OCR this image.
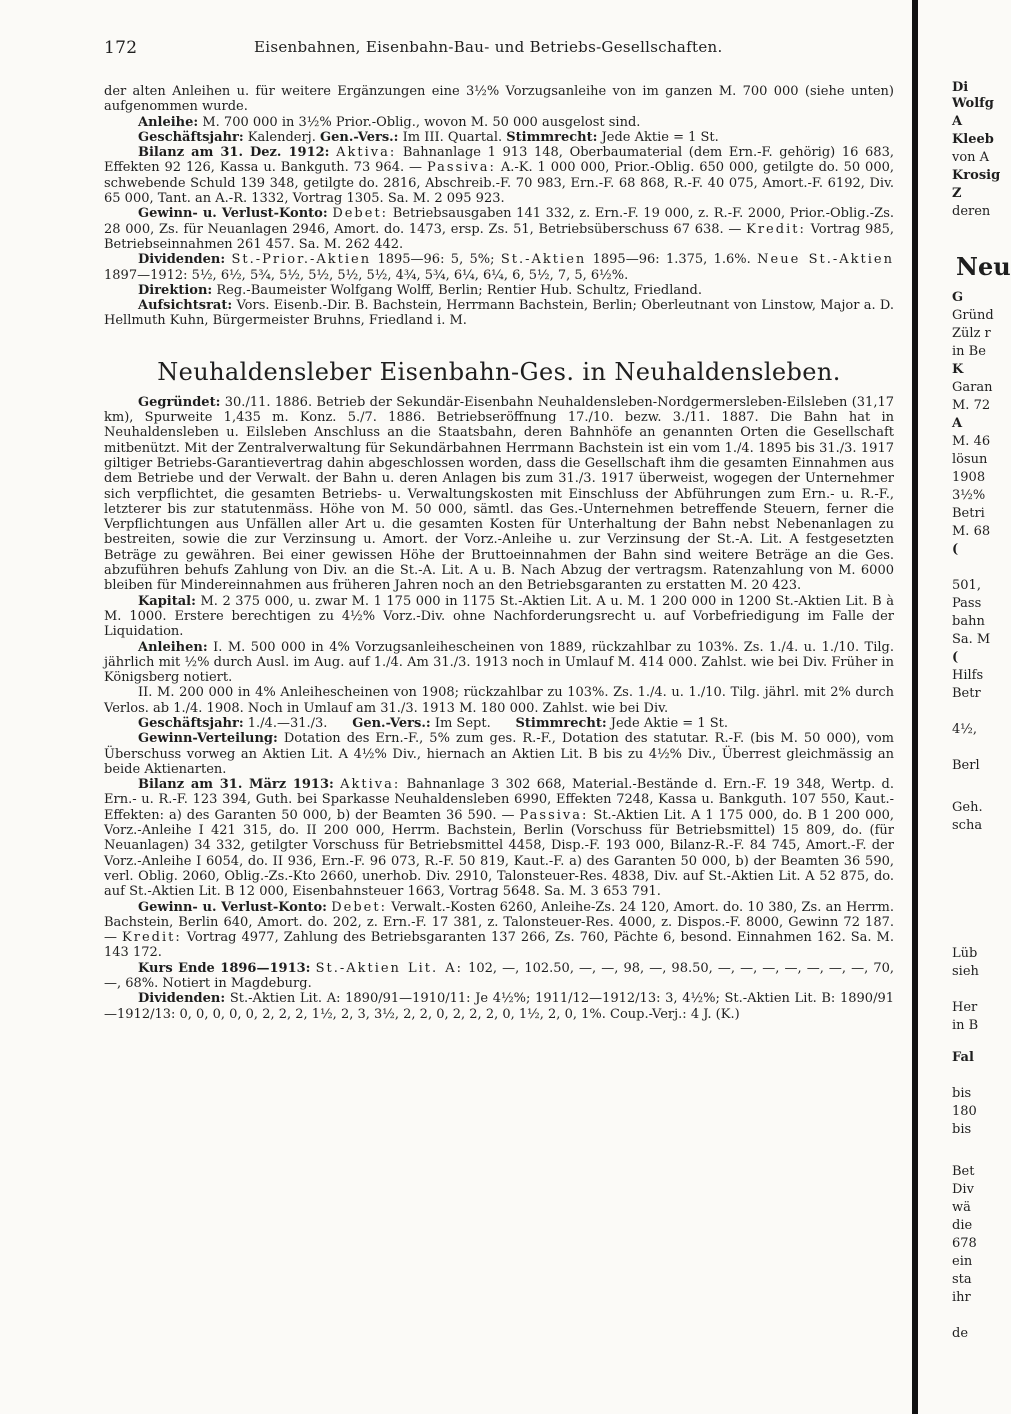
172	Eisenbahnen, Eisenbahn-Bau- und Betriebs-Gesellschaften.

der alten Anleihen u. für weitere Ergänzungen eine 3½% Vorzugsanleihe von im ganzen M. 700 000 (siehe unten) aufgenommen wurde.

Anleihe: M. 700 000 in 3½% Prior.-Oblig., wovon M. 50 000 ausgelost sind.

Geschäftsjahr: Kalenderj. Gen.-Vers.: Im III. Quartal. Stimmrecht: Jede Aktie = 1 St.

Bilanz am 31. Dez. 1912: Aktiva: Bahnanlage 1 913 148, Oberbaumaterial (dem Ern.-F. gehörig) 16 683, Effekten 92 126, Kassa u. Bankguth. 73 964. — Passiva: A.-K. 1 000 000, Prior.-Oblig. 650 000, getilgte do. 50 000, schwebende Schuld 139 348, getilgte do. 2816, Abschreib.-F. 70 983, Ern.-F. 68 868, R.-F. 40 075, Amort.-F. 6192, Div. 65 000, Tant. an A.-R. 1332, Vortrag 1305. Sa. M. 2 095 923.

Gewinn- u. Verlust-Konto: Debet: Betriebsausgaben 141 332, z. Ern.-F. 19 000, z. R.-F. 2000, Prior.-Oblig.-Zs. 28 000, Zs. für Neuanlagen 2946, Amort. do. 1473, ersp. Zs. 51, Betriebsüberschuss 67 638. — Kredit: Vortrag 985, Betriebseinnahmen 261 457. Sa. M. 262 442.

Dividenden: St.-Prior.-Aktien 1895—96: 5, 5%; St.-Aktien 1895—96: 1.375, 1.6%. Neue St.-Aktien 1897—1912: 5½, 6½, 5¾, 5½, 5½, 5½, 5½, 4¾, 5¾, 6¼, 6¼, 6, 5½, 7, 5, 6½%.

Direktion: Reg.-Baumeister Wolfgang Wolff, Berlin; Rentier Hub. Schultz, Friedland.

Aufsichtsrat: Vors. Eisenb.-Dir. B. Bachstein, Herrmann Bachstein, Berlin; Oberleutnant von Linstow, Major a. D. Hellmuth Kuhn, Bürgermeister Bruhns, Friedland i. M.

Neuhaldensleber Eisenbahn-Ges. in Neuhaldensleben.

Gegründet: 30./11. 1886. Betrieb der Sekundär-Eisenbahn Neuhaldensleben-Nordgermersleben-Eilsleben (31,17 km), Spurweite 1,435 m. Konz. 5./7. 1886. Betriebseröffnung 17./10. bezw. 3./11. 1887. Die Bahn hat in Neuhaldensleben u. Eilsleben Anschluss an die Staatsbahn, deren Bahnhöfe an genannten Orten die Gesellschaft mitbenützt. Mit der Zentralverwaltung für Sekundärbahnen Herrmann Bachstein ist ein vom 1./4. 1895 bis 31./3. 1917 giltiger Betriebs-Garantievertrag dahin abgeschlossen worden, dass die Gesellschaft ihm die gesamten Einnahmen aus dem Betriebe und der Verwalt. der Bahn u. deren Anlagen bis zum 31./3. 1917 überweist, wogegen der Unternehmer sich verpflichtet, die gesamten Betriebs- u. Verwaltungskosten mit Einschluss der Abführungen zum Ern.- u. R.-F., letzterer bis zur statutenmäss. Höhe von M. 50 000, sämtl. das Ges.-Unternehmen betreffende Steuern, ferner die Verpflichtungen aus Unfällen aller Art u. die gesamten Kosten für Unterhaltung der Bahn nebst Nebenanlagen zu bestreiten, sowie die zur Verzinsung u. Amort. der Vorz.-Anleihe u. zur Verzinsung der St.-A. Lit. A festgesetzten Beträge zu gewähren. Bei einer gewissen Höhe der Bruttoeinnahmen der Bahn sind weitere Beträge an die Ges. abzuführen behufs Zahlung von Div. an die St.-A. Lit. A u. B. Nach Abzug der vertragsm. Ratenzahlung von M. 6000 bleiben für Mindereinnahmen aus früheren Jahren noch an den Betriebsgaranten zu erstatten M. 20 423.

Kapital: M. 2 375 000, u. zwar M. 1 175 000 in 1175 St.-Aktien Lit. A u. M. 1 200 000 in 1200 St.-Aktien Lit. B à M. 1000. Erstere berechtigen zu 4½% Vorz.-Div. ohne Nachforderungsrecht u. auf Vorbefriedigung im Falle der Liquidation.

Anleihen: I. M. 500 000 in 4% Vorzugsanleihescheinen von 1889, rückzahlbar zu 103%. Zs. 1./4. u. 1./10. Tilg. jährlich mit ½% durch Ausl. im Aug. auf 1./4. Am 31./3. 1913 noch in Umlauf M. 414 000. Zahlst. wie bei Div. Früher in Königsberg notiert.

II. M. 200 000 in 4% Anleihescheinen von 1908; rückzahlbar zu 103%. Zs. 1./4. u. 1./10. Tilg. jährl. mit 2% durch Verlos. ab 1./4. 1908. Noch in Umlauf am 31./3. 1913 M. 180 000. Zahlst. wie bei Div.

Geschäftsjahr: 1./4.—31./3. Gen.-Vers.: Im Sept. Stimmrecht: Jede Aktie = 1 St.

Gewinn-Verteilung: Dotation des Ern.-F., 5% zum ges. R.-F., Dotation des statutar. R.-F. (bis M. 50 000), vom Überschuss vorweg an Aktien Lit. A 4½% Div., hiernach an Aktien Lit. B bis zu 4½% Div., Überrest gleichmässig an beide Aktienarten.

Bilanz am 31. März 1913: Aktiva: Bahnanlage 3 302 668, Material.-Bestände d. Ern.-F. 19 348, Wertp. d. Ern.- u. R.-F. 123 394, Guth. bei Sparkasse Neuhaldensleben 6990, Effekten 7248, Kassa u. Bankguth. 107 550, Kaut.-Effekten: a) des Garanten 50 000, b) der Beamten 36 590. — Passiva: St.-Aktien Lit. A 1 175 000, do. B 1 200 000, Vorz.-Anleihe I 421 315, do. II 200 000, Herrm. Bachstein, Berlin (Vorschuss für Betriebsmittel) 15 809, do. (für Neuanlagen) 34 332, getilgter Vorschuss für Betriebsmittel 4458, Disp.-F. 193 000, Bilanz-R.-F. 84 745, Amort.-F. der Vorz.-Anleihe I 6054, do. II 936, Ern.-F. 96 073, R.-F. 50 819, Kaut.-F. a) des Garanten 50 000, b) der Beamten 36 590, verl. Oblig. 2060, Oblig.-Zs.-Kto 2660, unerhob. Div. 2910, Talonsteuer-Res. 4838, Div. auf St.-Aktien Lit. A 52 875, do. auf St.-Aktien Lit. B 12 000, Eisenbahnsteuer 1663, Vortrag 5648. Sa. M. 3 653 791.

Gewinn- u. Verlust-Konto: Debet: Verwalt.-Kosten 6260, Anleihe-Zs. 24 120, Amort. do. 10 380, Zs. an Herrm. Bachstein, Berlin 640, Amort. do. 202, z. Ern.-F. 17 381, z. Talonsteuer-Res. 4000, z. Dispos.-F. 8000, Gewinn 72 187. — Kredit: Vortrag 4977, Zahlung des Betriebsgaranten 137 266, Zs. 760, Pächte 6, besond. Einnahmen 162. Sa. M. 143 172.

Kurs Ende 1896—1913: St.-Aktien Lit. A: 102, —, 102.50, —, —, 98, —, 98.50, —, —, —, —, —, —, —, 70, —, 68%. Notiert in Magdeburg.

Dividenden: St.-Aktien Lit. A: 1890/91—1910/11: Je 4½%; 1911/12—1912/13: 3, 4½%; St.-Aktien Lit. B: 1890/91—1912/13: 0, 0, 0, 0, 0, 2, 2, 2, 1½, 2, 3, 3½, 2, 2, 0, 2, 2, 2, 0, 1½, 2, 0, 1%. Coup.-Verj.: 4 J. (K.)

Di
Wolfg
A
Kleeb
von A
Krosig
Z
deren
Neu
G
Gründ
Zülz r
in Be
K
Garan
M. 72
A
M. 46
lösun
1908
3½%
Betri
M. 68
(
501,
Pass
bahn
Sa. M
(
Hilfs
Betr
4½,
Berl
Geh.
scha
Lüb
sieh
Her
in B
Fal
bis
180
bis
Bet
Div
wä
die
678
ein
sta
ihr
de
